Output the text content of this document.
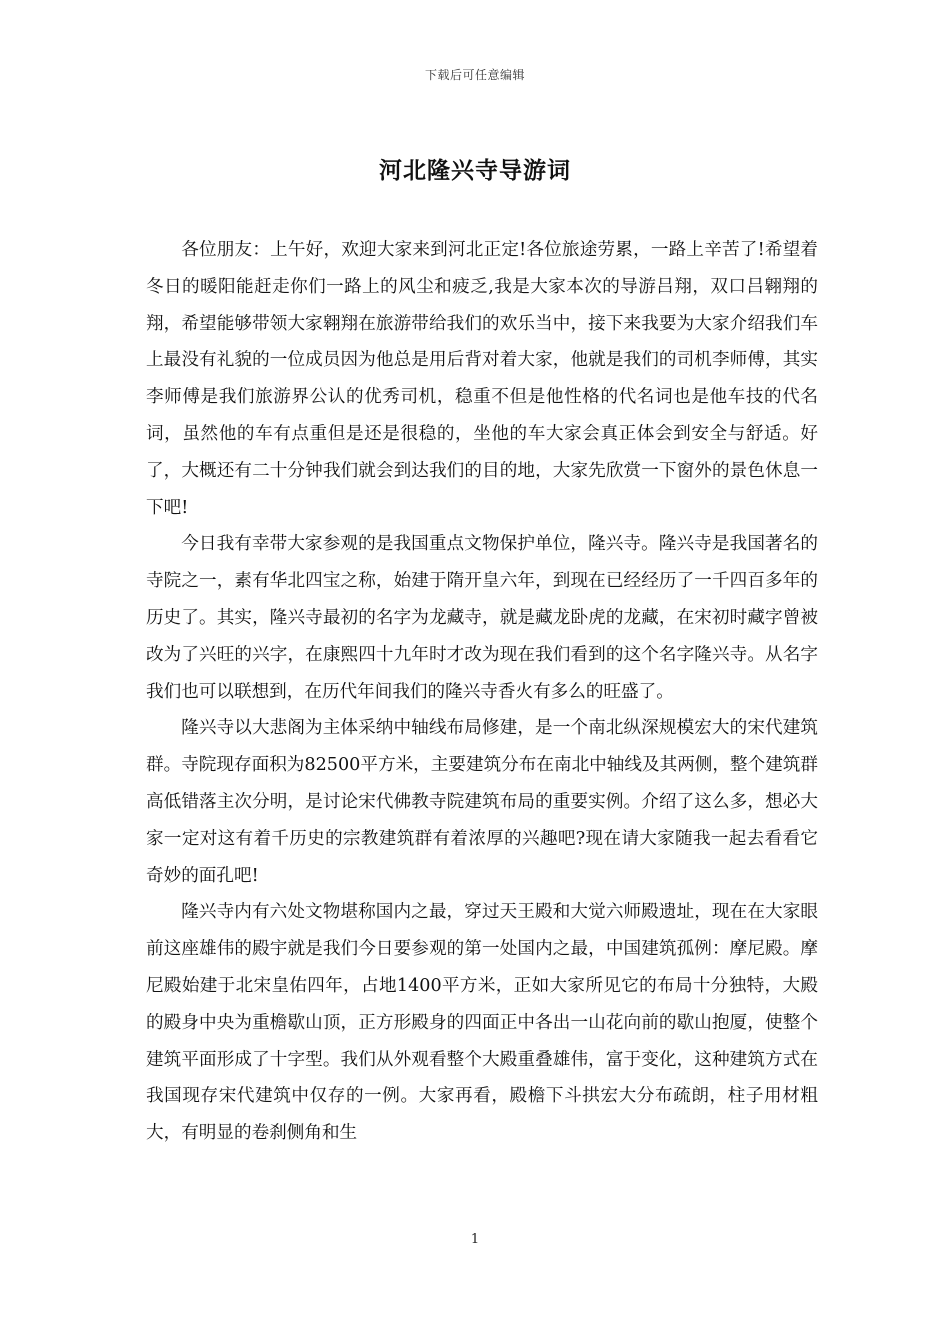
下载后可任意编辑
河北隆兴寺导游词

各位朋友：上午好，欢迎大家来到河北正定!各位旅途劳累，一路上辛苦了!希望着冬日的暖阳能赶走你们一路上的风尘和疲乏,我是大家本次的导游吕翔，双口吕翱翔的翔，希望能够带领大家翱翔在旅游带给我们的欢乐当中，接下来我要为大家介绍我们车上最没有礼貌的一位成员因为他总是用后背对着大家，他就是我们的司机李师傅，其实李师傅是我们旅游界公认的优秀司机，稳重不但是他性格的代名词也是他车技的代名词，虽然他的车有点重但是还是很稳的，坐他的车大家会真正体会到安全与舒适。好了，大概还有二十分钟我们就会到达我们的目的地，大家先欣赏一下窗外的景色休息一下吧!

今日我有幸带大家参观的是我国重点文物保护单位，隆兴寺。隆兴寺是我国著名的寺院之一，素有华北四宝之称，始建于隋开皇六年，到现在已经经历了一千四百多年的历史了。其实，隆兴寺最初的名字为龙藏寺，就是藏龙卧虎的龙藏，在宋初时藏字曾被改为了兴旺的兴字，在康熙四十九年时才改为现在我们看到的这个名字隆兴寺。从名字我们也可以联想到，在历代年间我们的隆兴寺香火有多么的旺盛了。

隆兴寺以大悲阁为主体采纳中轴线布局修建，是一个南北纵深规模宏大的宋代建筑群。寺院现存面积为82500平方米，主要建筑分布在南北中轴线及其两侧，整个建筑群高低错落主次分明，是讨论宋代佛教寺院建筑布局的重要实例。介绍了这么多，想必大家一定对这有着千历史的宗教建筑群有着浓厚的兴趣吧?现在请大家随我一起去看看它奇妙的面孔吧!

隆兴寺内有六处文物堪称国内之最，穿过天王殿和大觉六师殿遗址，现在在大家眼前这座雄伟的殿宇就是我们今日要参观的第一处国内之最，中国建筑孤例：摩尼殿。摩尼殿始建于北宋皇佑四年，占地1400平方米，正如大家所见它的布局十分独特，大殿的殿身中央为重檐歇山顶，正方形殿身的四面正中各出一山花向前的歇山抱厦，使整个建筑平面形成了十字型。我们从外观看整个大殿重叠雄伟，富于变化，这种建筑方式在我国现存宋代建筑中仅存的一例。大家再看，殿檐下斗拱宏大分布疏朗，柱子用材粗大，有明显的卷刹侧角和生

1
